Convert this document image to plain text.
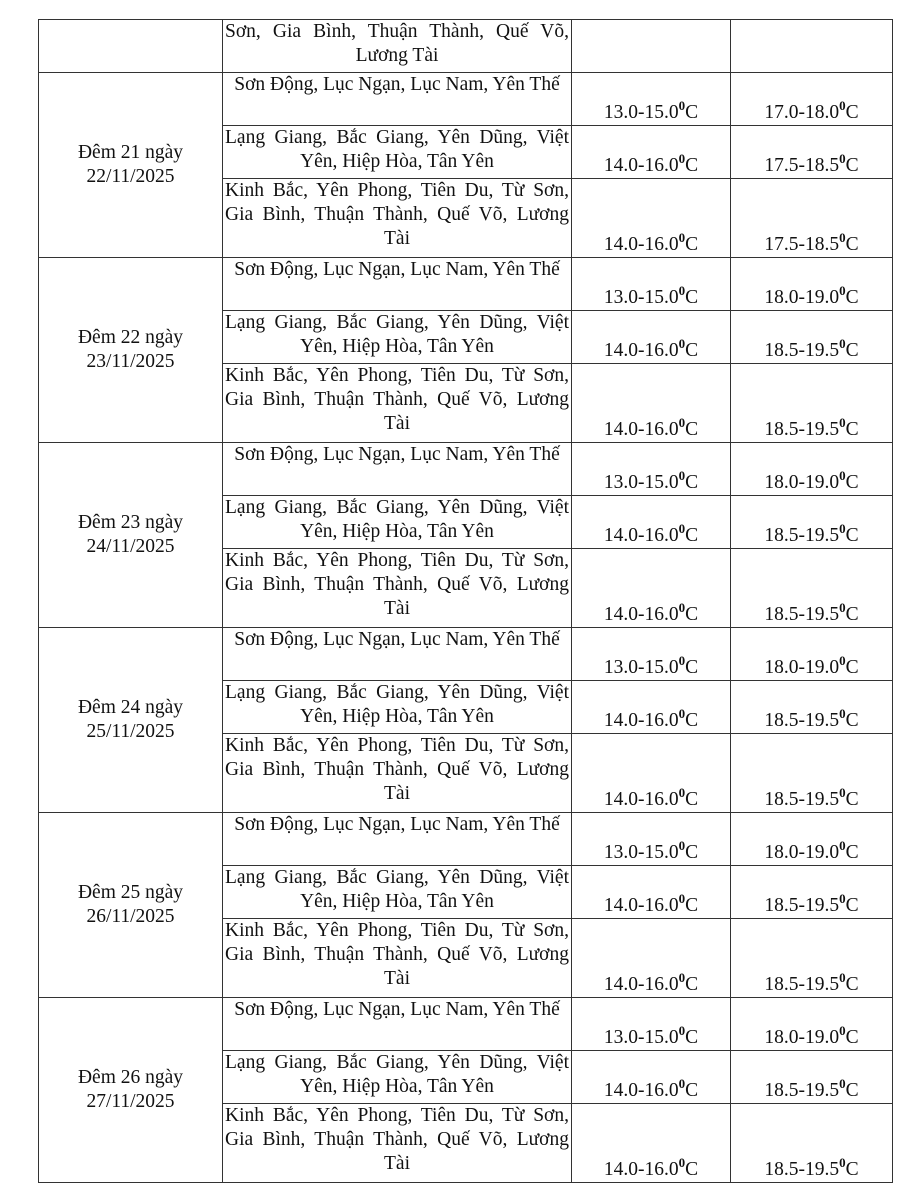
	Sơn, Gia Bình, Thuận Thành, Quế Võ, Lương Tài		

Đêm 21 ngày
22/11/2025	Sơn Động, Lục Ngạn, Lục Nam, Yên Thế	13.0-15.0$^0$C	17.0-18.0$^0$C
	Lạng Giang, Bắc Giang, Yên Dũng, Việt Yên, Hiệp Hòa, Tân Yên	14.0-16.0$^0$C	17.5-18.5$^0$C
	Kinh Bắc, Yên Phong, Tiên Du, Từ Sơn, Gia Bình, Thuận Thành, Quế Võ, Lương Tài	14.0-16.0$^0$C	17.5-18.5$^0$C

Đêm 22 ngày
23/11/2025	Sơn Động, Lục Ngạn, Lục Nam, Yên Thế	13.0-15.0$^0$C	18.0-19.0$^0$C
	Lạng Giang, Bắc Giang, Yên Dũng, Việt Yên, Hiệp Hòa, Tân Yên	14.0-16.0$^0$C	18.5-19.5$^0$C
	Kinh Bắc, Yên Phong, Tiên Du, Từ Sơn, Gia Bình, Thuận Thành, Quế Võ, Lương Tài	14.0-16.0$^0$C	18.5-19.5$^0$C

Đêm 23 ngày
24/11/2025	Sơn Động, Lục Ngạn, Lục Nam, Yên Thế	13.0-15.0$^0$C	18.0-19.0$^0$C
	Lạng Giang, Bắc Giang, Yên Dũng, Việt Yên, Hiệp Hòa, Tân Yên	14.0-16.0$^0$C	18.5-19.5$^0$C
	Kinh Bắc, Yên Phong, Tiên Du, Từ Sơn, Gia Bình, Thuận Thành, Quế Võ, Lương Tài	14.0-16.0$^0$C	18.5-19.5$^0$C

Đêm 24 ngày
25/11/2025	Sơn Động, Lục Ngạn, Lục Nam, Yên Thế	13.0-15.0$^0$C	18.0-19.0$^0$C
	Lạng Giang, Bắc Giang, Yên Dũng, Việt Yên, Hiệp Hòa, Tân Yên	14.0-16.0$^0$C	18.5-19.5$^0$C
	Kinh Bắc, Yên Phong, Tiên Du, Từ Sơn, Gia Bình, Thuận Thành, Quế Võ, Lương Tài	14.0-16.0$^0$C	18.5-19.5$^0$C

Đêm 25 ngày
26/11/2025	Sơn Động, Lục Ngạn, Lục Nam, Yên Thế	13.0-15.0$^0$C	18.0-19.0$^0$C
	Lạng Giang, Bắc Giang, Yên Dũng, Việt Yên, Hiệp Hòa, Tân Yên	14.0-16.0$^0$C	18.5-19.5$^0$C
	Kinh Bắc, Yên Phong, Tiên Du, Từ Sơn, Gia Bình, Thuận Thành, Quế Võ, Lương Tài	14.0-16.0$^0$C	18.5-19.5$^0$C

Đêm 26 ngày
27/11/2025	Sơn Động, Lục Ngạn, Lục Nam, Yên Thế	13.0-15.0$^0$C	18.0-19.0$^0$C
	Lạng Giang, Bắc Giang, Yên Dũng, Việt Yên, Hiệp Hòa, Tân Yên	14.0-16.0$^0$C	18.5-19.5$^0$C
	Kinh Bắc, Yên Phong, Tiên Du, Từ Sơn, Gia Bình, Thuận Thành, Quế Võ, Lương Tài	14.0-16.0$^0$C	18.5-19.5$^0$C
